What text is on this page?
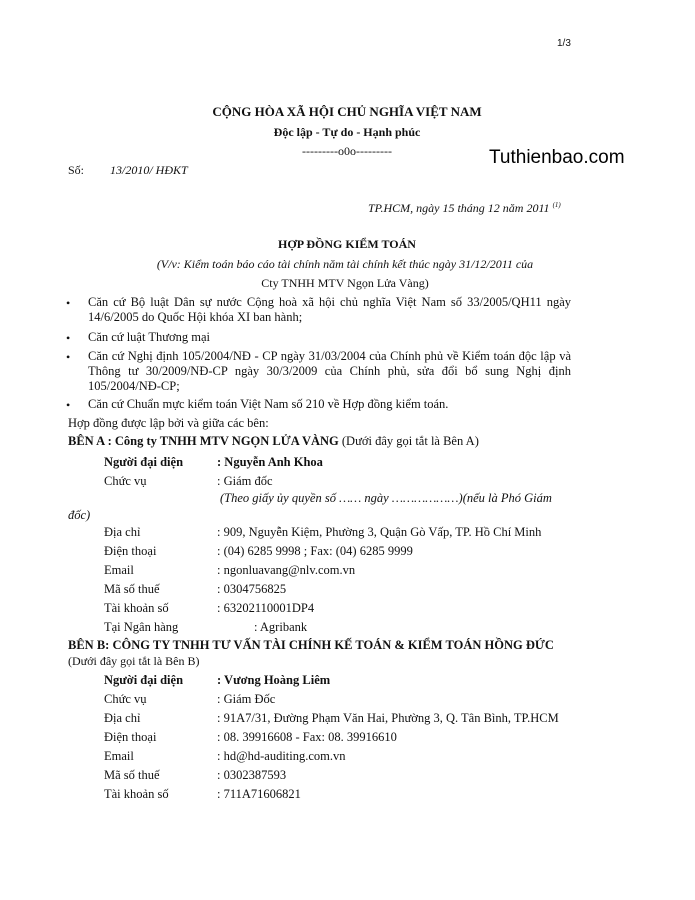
1/3
CỘNG HÒA XÃ HỘI CHỦ NGHĨA VIỆT NAM
Độc lập - Tự do - Hạnh phúc
---------o0o---------	Tuthienbao.com
Số: 13/2010/ HĐKT
TP.HCM, ngày 15 tháng 12 năm 2011 $^{(1)}$
HỢP ĐỒNG KIỂM TOÁN
(V/v: Kiểm toán báo cáo tài chính năm tài chính kết thúc ngày 31/12/2011 của
Cty TNHH MTV Ngọn Lửa Vàng)
• Căn cứ Bộ luật Dân sự nước Cộng hoà xã hội chủ nghĩa Việt Nam số 33/2005/QH11 ngày 14/6/2005 do Quốc Hội khóa XI ban hành;
• Căn cứ luật Thương mại
• Căn cứ Nghị định 105/2004/NĐ - CP ngày 31/03/2004 của Chính phủ về Kiểm toán độc lập và Thông tư 30/2009/NĐ-CP ngày 30/3/2009 của Chính phủ, sửa đổi bổ sung Nghị định 105/2004/NĐ-CP;
• Căn cứ Chuẩn mực kiểm toán Việt Nam số 210 về Hợp đồng kiểm toán.
Hợp đồng được lập bởi và giữa các bên:
BÊN A : Công ty TNHH MTV NGỌN LỬA VÀNG (Dưới đây gọi tắt là Bên A)
Người đại diện	: Nguyễn Anh Khoa
Chức vụ	: Giám đốc
(Theo giấy ủy quyền số …… ngày ………………)(nếu là Phó Giám
đốc)
Địa chỉ	: 909, Nguyễn Kiệm, Phường 3, Quận Gò Vấp, TP. Hồ Chí Minh
Điện thoại	: (04) 6285 9998 ; Fax: (04) 6285 9999
Email	: ngonluavang@nlv.com.vn
Mã số thuế	: 0304756825
Tài khoản số	: 63202110001DP4
Tại Ngân hàng	: Agribank
BÊN B: CÔNG TY TNHH TƯ VẤN TÀI CHÍNH KẾ TOÁN & KIỂM TOÁN HỒNG ĐỨC
(Dưới đây gọi tắt là Bên B)
Người đại diện	: Vương Hoàng Liêm
Chức vụ	: Giám Đốc
Địa chỉ	: 91A7/31, Đường Phạm Văn Hai, Phường 3, Q. Tân Bình, TP.HCM
Điện thoại	: 08. 39916608 - Fax: 08. 39916610
Email	: hd@hd-auditing.com.vn
Mã số thuế	: 0302387593
Tài khoản số	: 711A71606821
